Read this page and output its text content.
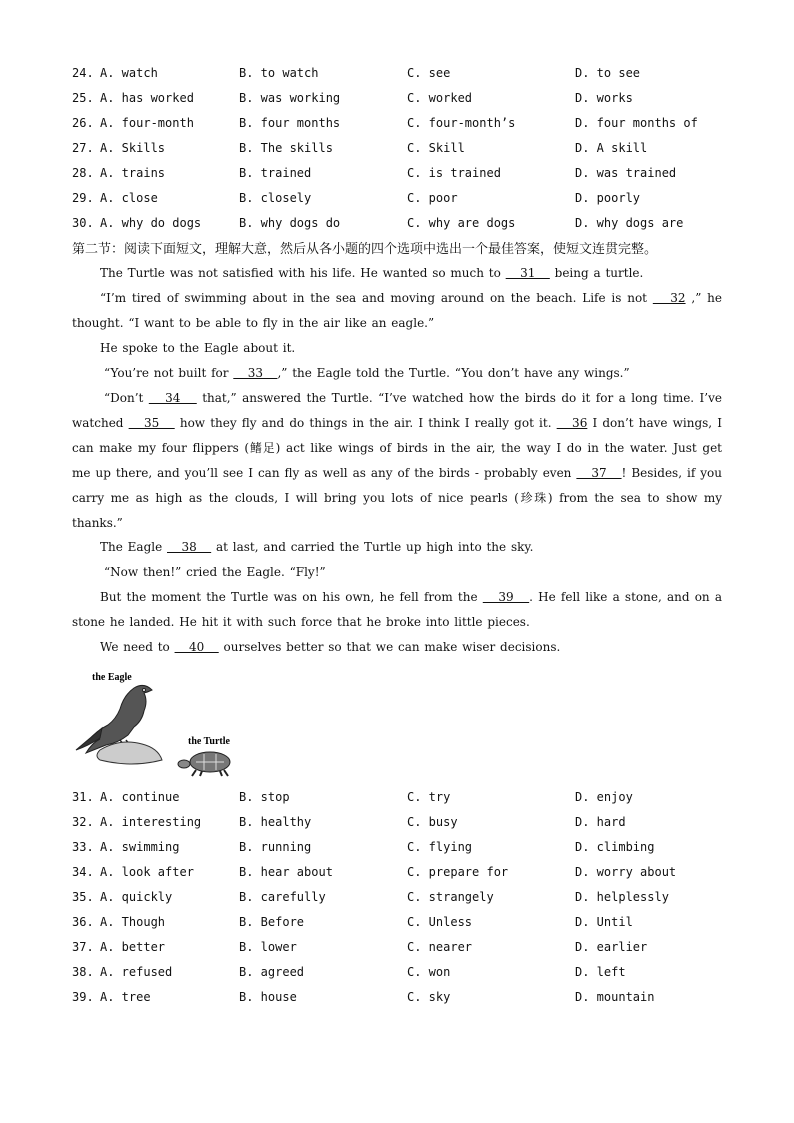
24. A. watch	B. to watch	C. see	D. to see
25. A. has worked	B. was working	C. worked	D. works
26. A. four-month	B. four months	C. four-month’s	D. four months of
27. A. Skills	B. The skills	C. Skill	D. A skill
28. A. trains	B. trained	C. is trained	D. was trained
29. A. close	B. closely	C. poor	D. poorly
30. A. why do dogs	B. why dogs do	C. why are dogs	D. why dogs are
第二节：阅读下面短文，理解大意，然后从各小题的四个选项中选出一个最佳答案，使短文连贯完整。
The Turtle was not satisfied with his life. He wanted so much to    31    being a turtle.
“I’m tired of swimming about in the sea and moving around on the beach. Life is not    32 ,” he thought. “I want to be able to fly in the air like an eagle.”
He spoke to the Eagle about it.
“You’re not built for    33   ,” the Eagle told the Turtle. “You don’t have any wings.”
“Don’t    34    that,” answered the Turtle. “I’ve watched how the birds do it for a long time. I’ve watched    35    how they fly and do things in the air. I think I really got it.    36 I don’t have wings, I can make my four flippers (鳍足) act like wings of birds in the air, the way I do in the water. Just get me up there, and you’ll see I can fly as well as any of the birds - probably even    37   ! Besides, if you carry me as high as the clouds, I will bring you lots of nice pearls (珍珠) from the sea to show my thanks.”
The Eagle    38    at last, and carried the Turtle up high into the sky.
“Now then!” cried the Eagle. “Fly!”
But the moment the Turtle was on his own, he fell from the    39   . He fell like a stone, and on a stone he landed. He hit it with such force that he broke into little pieces.
We need to    40    ourselves better so that we can make wiser decisions.
the Eagle
the Turtle
31. A. continue	B. stop	C. try	D. enjoy
32. A. interesting	B. healthy	C. busy	D. hard
33. A. swimming	B. running	C. flying	D. climbing
34. A. look after	B. hear about	C. prepare for	D. worry about
35. A. quickly	B. carefully	C. strangely	D. helplessly
36. A. Though	B. Before	C. Unless	D. Until
37. A. better	B. lower	C. nearer	D. earlier
38. A. refused	B. agreed	C. won	D. left
39. A. tree	B. house	C. sky	D. mountain
